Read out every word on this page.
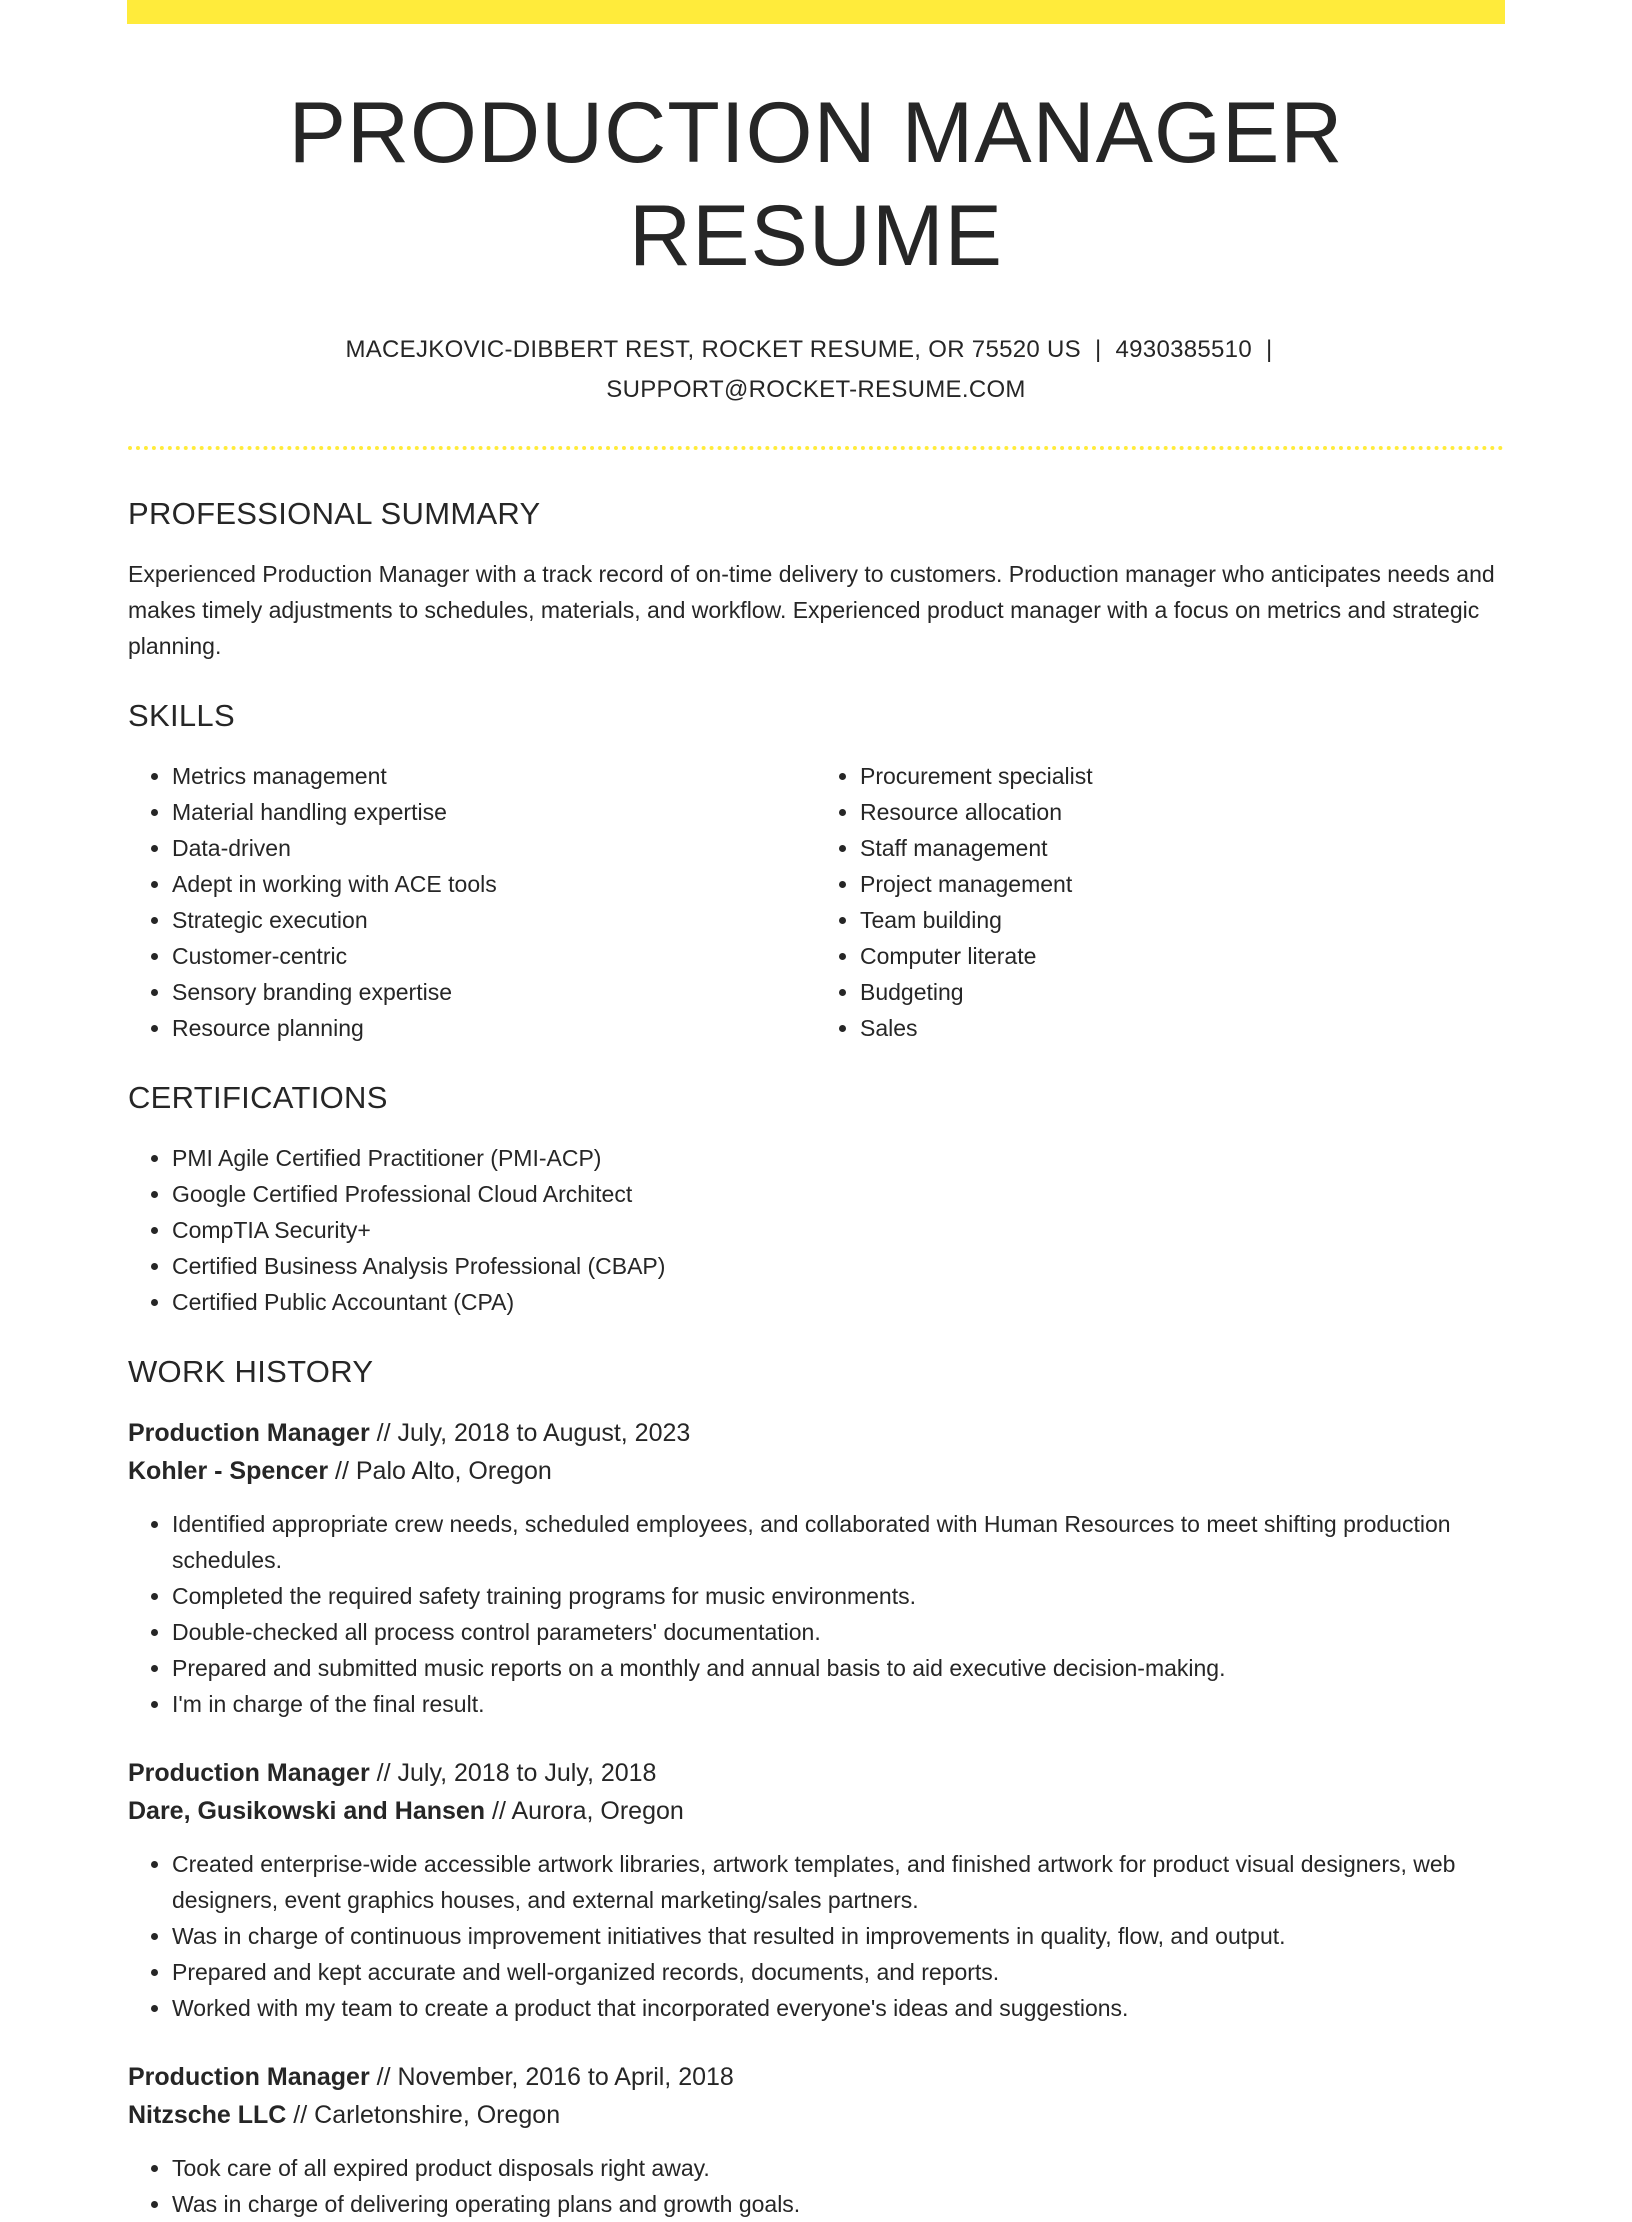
PRODUCTION MANAGER RESUME
MACEJKOVIC-DIBBERT REST, ROCKET RESUME, OR 75520 US | 4930385510 |
SUPPORT@ROCKET-RESUME.COM
PROFESSIONAL SUMMARY

Experienced Production Manager with a track record of on-time delivery to customers. Production manager who anticipates needs and makes timely adjustments to schedules, materials, and workflow. Experienced product manager with a focus on metrics and strategic planning.

SKILLS
• Metrics management
• Material handling expertise
• Data-driven
• Adept in working with ACE tools
• Strategic execution
• Customer-centric
• Sensory branding expertise
• Resource planning
• Procurement specialist
• Resource allocation
• Staff management
• Project management
• Team building
• Computer literate
• Budgeting
• Sales
CERTIFICATIONS
• PMI Agile Certified Practitioner (PMI-ACP)
• Google Certified Professional Cloud Architect
• CompTIA Security+
• Certified Business Analysis Professional (CBAP)
• Certified Public Accountant (CPA)
WORK HISTORY
Production Manager // July, 2018 to August, 2023
Kohler - Spencer // Palo Alto, Oregon
• Identified appropriate crew needs, scheduled employees, and collaborated with Human Resources to meet shifting production schedules.
• Completed the required safety training programs for music environments.
• Double-checked all process control parameters' documentation.
• Prepared and submitted music reports on a monthly and annual basis to aid executive decision-making.
• I'm in charge of the final result.
Production Manager // July, 2018 to July, 2018
Dare, Gusikowski and Hansen // Aurora, Oregon
• Created enterprise-wide accessible artwork libraries, artwork templates, and finished artwork for product visual designers, web designers, event graphics houses, and external marketing/sales partners.
• Was in charge of continuous improvement initiatives that resulted in improvements in quality, flow, and output.
• Prepared and kept accurate and well-organized records, documents, and reports.
• Worked with my team to create a product that incorporated everyone's ideas and suggestions.
Production Manager // November, 2016 to April, 2018
Nitzsche LLC // Carletonshire, Oregon
• Took care of all expired product disposals right away.
• Was in charge of delivering operating plans and growth goals.
